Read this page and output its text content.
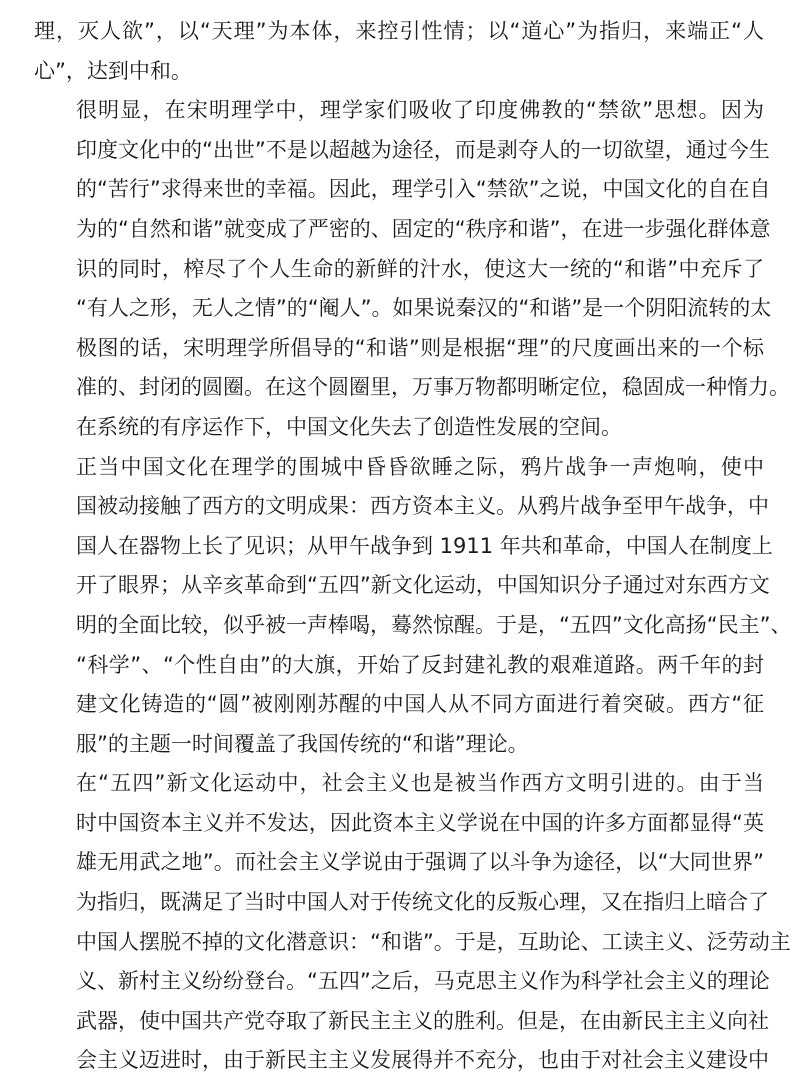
理，灭人欲”，以“天理”为本体，来控引性情；以“道心”为指归，来端正“人
心”，达到中和。
很明显，在宋明理学中，理学家们吸收了印度佛教的“禁欲”思想。因为
印度文化中的“出世”不是以超越为途径，而是剥夺人的一切欲望，通过今生
的“苦行”求得来世的幸福。因此，理学引入“禁欲”之说，中国文化的自在自
为的“自然和谐”就变成了严密的、固定的“秩序和谐”，在进一步强化群体意
识的同时，榨尽了个人生命的新鲜的汁水，使这大一统的“和谐”中充斥了
“有人之形，无人之情”的“阉人”。如果说秦汉的“和谐”是一个阴阳流转的太
极图的话，宋明理学所倡导的“和谐”则是根据“理”的尺度画出来的一个标
准的、封闭的圆圈。在这个圆圈里，万事万物都明晰定位，稳固成一种惰力。
在系统的有序运作下，中国文化失去了创造性发展的空间。
正当中国文化在理学的围城中昏昏欲睡之际，鸦片战争一声炮响，使中
国被动接触了西方的文明成果：西方资本主义。从鸦片战争至甲午战争，中
国人在器物上长了见识；从甲午战争到 1911 年共和革命，中国人在制度上
开了眼界；从辛亥革命到“五四”新文化运动，中国知识分子通过对东西方文
明的全面比较，似乎被一声棒喝，蓦然惊醒。于是，“五四”文化高扬“民主”、
“科学”、“个性自由”的大旗，开始了反封建礼教的艰难道路。两千年的封
建文化铸造的“圆”被刚刚苏醒的中国人从不同方面进行着突破。西方“征
服”的主题一时间覆盖了我国传统的“和谐”理论。
在“五四”新文化运动中，社会主义也是被当作西方文明引进的。由于当
时中国资本主义并不发达，因此资本主义学说在中国的许多方面都显得“英
雄无用武之地”。而社会主义学说由于强调了以斗争为途径，以“大同世界”
为指归，既满足了当时中国人对于传统文化的反叛心理，又在指归上暗合了
中国人摆脱不掉的文化潜意识：“和谐”。于是，互助论、工读主义、泛劳动主
义、新村主义纷纷登台。“五四”之后，马克思主义作为科学社会主义的理论
武器，使中国共产党夺取了新民主主义的胜利。但是，在由新民主主义向社
会主义迈进时，由于新民主主义发展得并不充分，也由于对社会主义建设中
